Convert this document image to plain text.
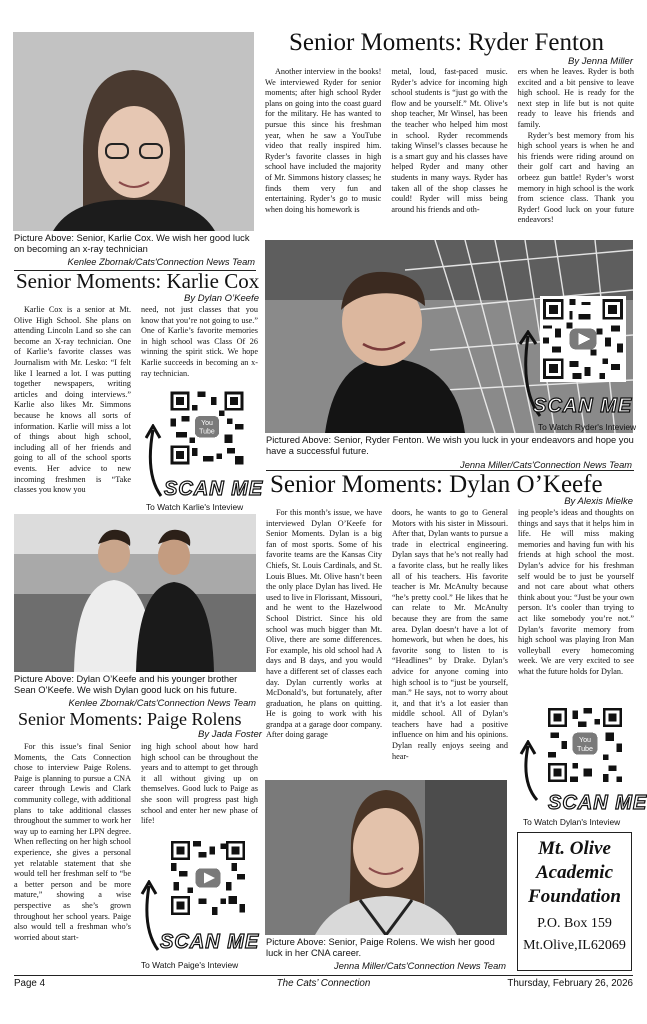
Picture Above: Senior, Karlie Cox. We wish her good luck on becoming an x-ray technician
Kenlee Zbornak/Cats'Connection News Team
Senior Moments: Ryder Fenton
By Jenna Miller

Another interview in the books! We interviewed Ryder for senior moments; after high school Ryder plans on going into the coast guard for the military. He has wanted to pursue this since his freshman year, when he saw a YouTube video that really inspired him. Ryder’s favorite classes in high school have included the majority of Mr. Simmons history classes; he finds them very fun and entertaining. Ryder’s go to music when doing his homework is

metal, loud, fast-paced music. Ryder’s advice for incoming high school students is “just go with the flow and be yourself.” Mt. Olive’s shop teacher, Mr Winsel, has been the teacher who helped him most in school. Ryder recommends taking Winsel’s classes because he is a smart guy and his classes have helped Ryder and many other students in many ways. Ryder has taken all of the shop classes he could! Ryder will miss being around his friends and oth-

ers when he leaves. Ryder is both excited and a bit pensive to leave high school. He is ready for the next step in life but is not quite ready to leave his friends and family.

Ryder’s best memory from his high school years is when he and his friends were riding around on their golf cart and having an orbeez gun battle! Ryder’s worst memory in high school is the work from science class. Thank you Ryder! Good luck on your future endeavors!

SCAN ME
To Watch Ryder's Inteview
Pictured Above: Senior, Ryder Fenton. We wish you luck in your endeavors and hope you have a successful future.
Jenna Miller/Cats'Connection News Team
Senior Moments: Karlie Cox
By Dylan O’Keefe

Karlie Cox is a senior at Mt. Olive High School. She plans on attending Lincoln Land so she can become an X-ray technician. One of Karlie’s favorite classes was Journalism with Mr. Lesko: “I felt like I learned a lot. I was putting together newspapers, writing articles and doing interviews.” Karlie also likes Mr. Simmons because he knows all sorts of information. Karlie will miss a lot of things about high school, including all of her friends and going to all of the school sports events. Her advice to new incoming freshmen is “Take classes you know you

need, not just classes that you know that you’re not going to use.” One of Karlie’s favorite memories in high school was Class Of 26 winning the spirit stick. We hope Karlie succeeds in becoming an x-ray technician.

You
Tube
SCAN ME
To Watch Karlie's Inteview
Picture Above: Dylan O’Keefe and his younger brother Sean O’Keefe. We wish Dylan good luck on his future.
Kenlee Zbornak/Cats'Connection News Team
Senior Moments: Dylan O’Keefe
By Alexis Mielke

For this month’s issue, we have interviewed Dylan O’Keefe for Senior Moments. Dylan is a big fan of most sports. Some of his favorite teams are the Kansas City Chiefs, St. Louis Cardinals, and St. Louis Blues. Mt. Olive hasn’t been the only place Dylan has lived. He used to live in Florissant, Missouri, and he went to the Hazelwood School District. Since his old school was much bigger than Mt. Olive, there are some differences. For example, his old school had A days and B days, and you would have a different set of classes each day. Dylan currently works at McDonald’s, but fortunately, after graduation, he plans on quitting. He is going to work with his grandpa at a garage door company. After doing garage

doors, he wants to go to General Motors with his sister in Missouri. After that, Dylan wants to pursue a trade in electrical engineering. Dylan says that he’s not really had a favorite class, but he really likes all of his teachers. His favorite teacher is Mr. McAnulty because “he’s pretty cool.” He likes that he can relate to Mr. McAnulty because they are from the same area. Dylan doesn’t have a lot of homework, but when he does, his favorite song to listen to is “Headlines” by Drake. Dylan’s advice for anyone coming into high school is to “just be yourself, man.” He says, not to worry about it, and that it’s a lot easier than middle school. All of Dylan’s teachers have had a positive influence on him and his opinions. Dylan really enjoys seeing and hear-

ing people’s ideas and thoughts on things and says that it helps him in life. He will miss making memories and having fun with his friends at high school the most. Dylan’s advice for his freshman self would be to just be yourself and not care about what others think about you: “Just be your own person. It’s cooler than trying to act like somebody you’re not.” Dylan’s favorite memory from high school was playing Iron Man volleyball every homecoming week. We are very excited to see what the future holds for Dylan.

You
Tube
SCAN ME
To Watch Dylan's Inteview
Senior Moments: Paige Rolens
By Jada Foster

For this issue’s final Senior Moments, the Cats Connection chose to interview Paige Rolens. Paige is planning to pursue a CNA career through Lewis and Clark community college, with additional plans to take additional classes throughout the summer to work her way up to earning her LPN degree. When reflecting on her high school experience, she gives a personal yet relatable statement that she would tell her freshman self to “be a better person and be more mature,” showing a wise perspective as she’s grown throughout her school years. Paige also would tell a freshman who’s worried about start-

ing high school about how hard high school can be throughout the years and to attempt to get through it all without giving up on themselves. Good luck to Paige as she soon will progress past high school and enter her new phase of life!

SCAN ME
To Watch Paige's Inteview
Picture Above: Senior, Paige Rolens. We wish her good luck in her CNA career.
Jenna Miller/Cats'Connection News Team
Mt. Olive
Academic
Foundation
P.O. Box 159
Mt.Olive,IL62069
Page 4	The Cats’ Connection	Thursday, February 26, 2026
